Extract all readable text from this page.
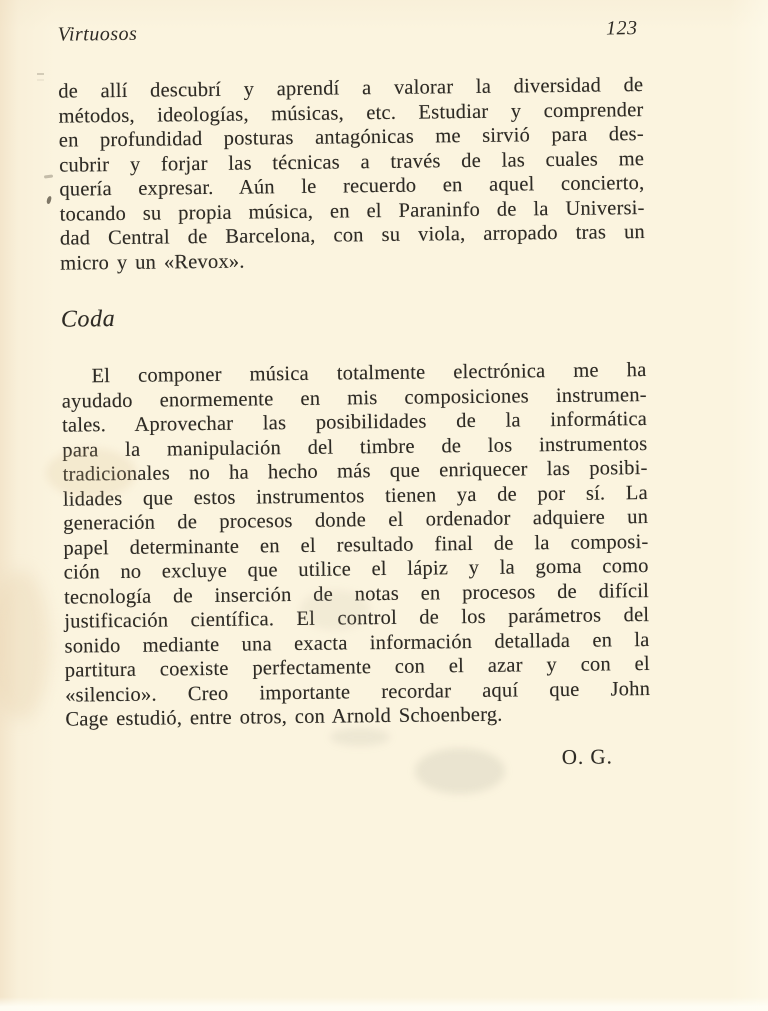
Virtuosos	123
de allí descubrí y aprendí a valorar la diversidad de
métodos, ideologías, músicas, etc. Estudiar y comprender
en profundidad posturas antagónicas me sirvió para des-
cubrir y forjar las técnicas a través de las cuales me
quería expresar. Aún le recuerdo en aquel concierto,
tocando su propia música, en el Paraninfo de la Universi-
dad Central de Barcelona, con su viola, arropado tras un
micro y un «Revox».
Coda
El componer música totalmente electrónica me ha
ayudado enormemente en mis composiciones instrumen-
tales. Aprovechar las posibilidades de la informática
para la manipulación del timbre de los instrumentos
tradicionales no ha hecho más que enriquecer las posibi-
lidades que estos instrumentos tienen ya de por sí. La
generación de procesos donde el ordenador adquiere un
papel determinante en el resultado final de la composi-
ción no excluye que utilice el lápiz y la goma como
tecnología de inserción de notas en procesos de difícil
justificación científica. El control de los parámetros del
sonido mediante una exacta información detallada en la
partitura coexiste perfectamente con el azar y con el
«silencio». Creo importante recordar aquí que John
Cage estudió, entre otros, con Arnold Schoenberg.
O. G.
